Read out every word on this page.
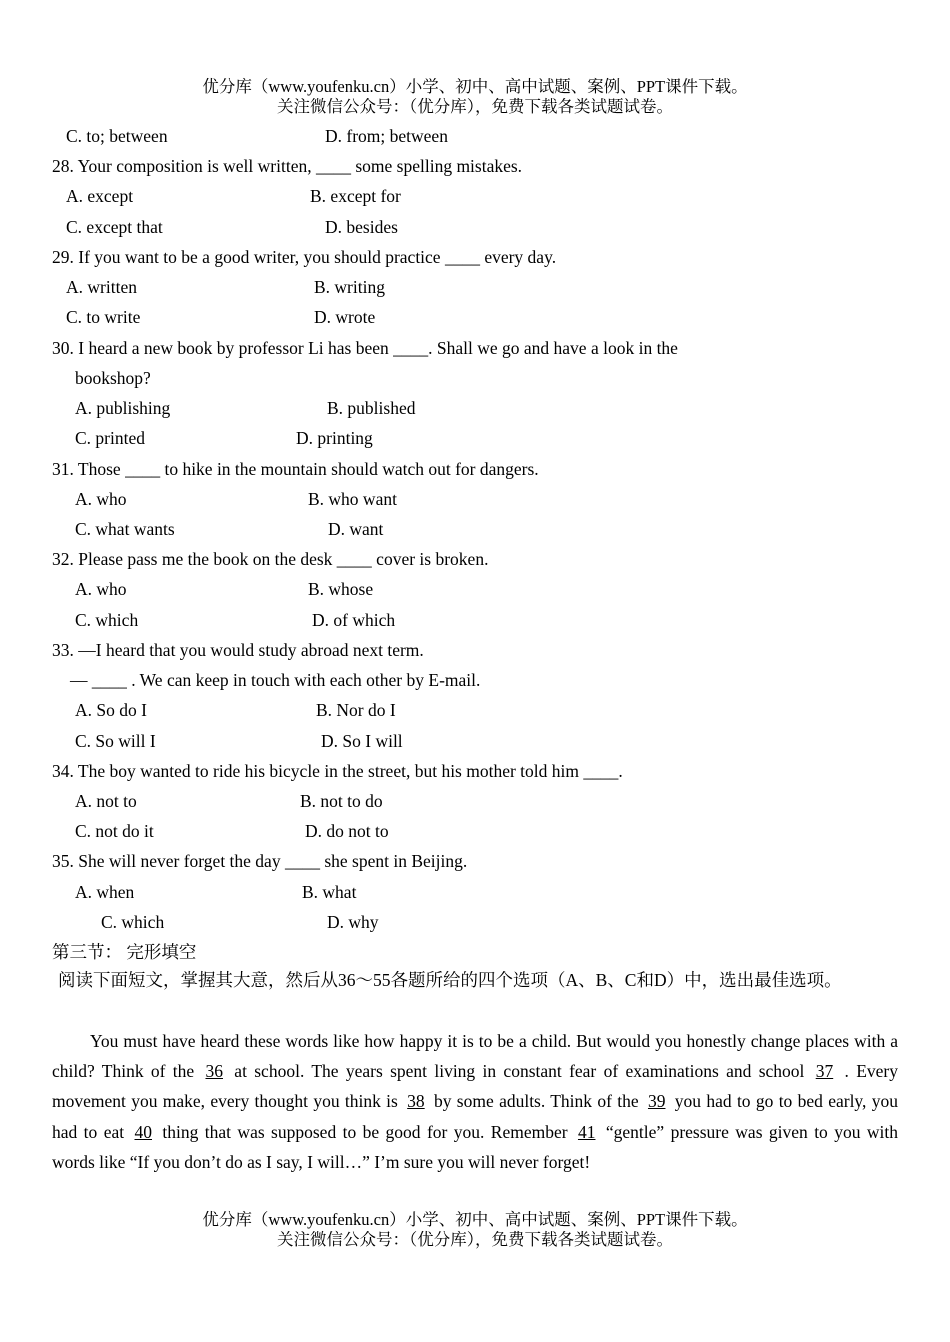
优分库（www.youfenku.cn）小学、初中、高中试题、案例、PPT课件下载。
关注微信公众号：（优分库），免费下载各类试题试卷。
C. to; between	D. from; between
28. Your composition is well written, ____ some spelling mistakes.
A. except	B. except for
C. except that	D. besides
29. If you want to be a good writer, you should practice ____ every day.
A. written	B. writing
C. to write	D. wrote
30. I heard a new book by professor Li has been ____. Shall we go and have a look in the
bookshop?
A. publishing	B. published
C. printed	D. printing
31. Those ____ to hike in the mountain should watch out for dangers.
A. who	B. who want
C. what wants	D. want
32. Please pass me the book on the desk ____ cover is broken.
A. who	B. whose
C. which	D. of which
33. —I heard that you would study abroad next term.
— ____ . We can keep in touch with each other by E-mail.
A. So do I	B. Nor do I
C. So will I	D. So I will
34. The boy wanted to ride his bicycle in the street, but his mother told him ____.
A. not to	B. not to do
C. not do it	D. do not to
35. She will never forget the day ____ she spent in Beijing.
A. when	B. what
C. which	D. why
第三节： 完形填空
阅读下面短文，掌握其大意，然后从36～55各题所给的四个选项（A、B、C和D）中，选出最佳选项。

You must have heard these words like how happy it is to be a child. But would you honestly change places with a child? Think of the 36 at school. The years spent living in constant fear of examinations and school 37 . Every movement you make, every thought you think is 38 by some adults. Think of the 39 you had to go to bed early, you had to eat 40 thing that was supposed to be good for you. Remember 41 “gentle” pressure was given to you with words like “If you don’t do as I say, I will…” I’m sure you will never forget!

优分库（www.youfenku.cn）小学、初中、高中试题、案例、PPT课件下载。
关注微信公众号：（优分库），免费下载各类试题试卷。
